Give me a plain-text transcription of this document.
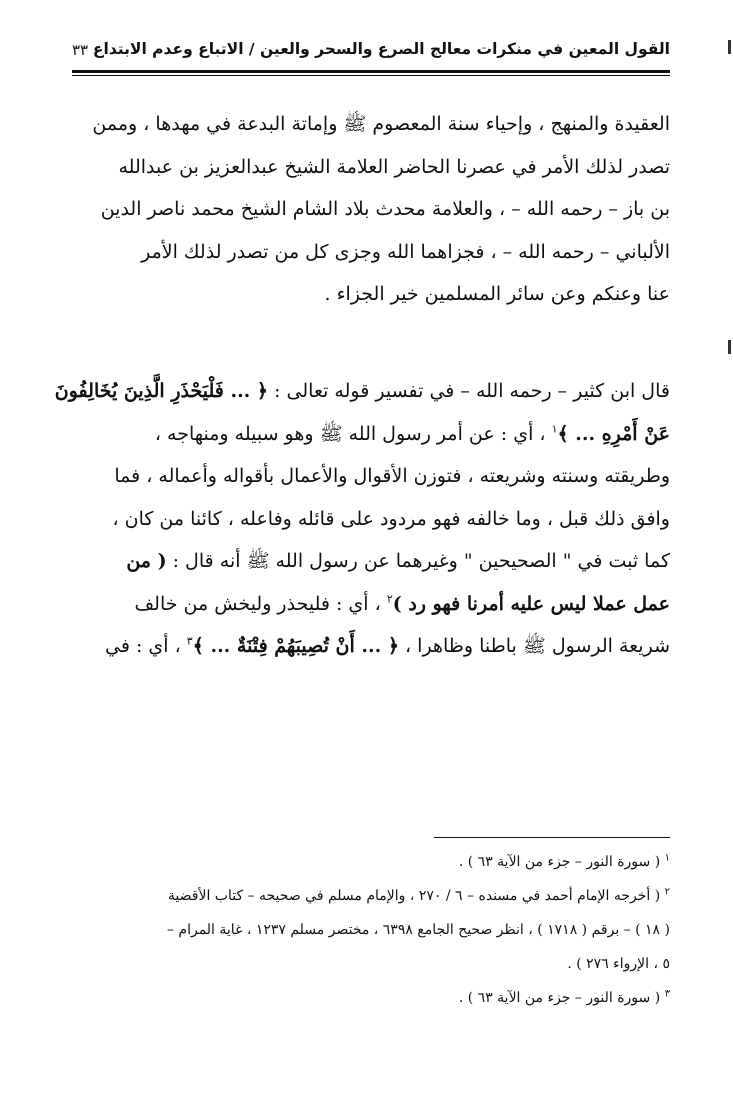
القول المعين في منكرات معالج الصرع والسحر والعين / الاتباع وعدم الابتداع
٣٣
العقيدة والمنهج ، وإحياء سنة المعصوم ﷺ وإماتة البدعة في مهدها ، وممن
تصدر لذلك الأمر في عصرنا الحاضر العلامة الشيخ عبدالعزيز بن عبدالله
بن باز – رحمه الله – ، والعلامة محدث بلاد الشام الشيخ محمد ناصر الدين
الألباني – رحمه الله – ، فجزاهما الله وجزى كل من تصدر لذلك الأمر
عنا وعنكم وعن سائر المسلمين خير الجزاء .
قال ابن كثير – رحمه الله – في تفسير قوله تعالى : ﴿ ... فَلْيَحْذَرِ الَّذِينَ يُخَالِفُونَ
عَنْ أَمْرِهِ ... ﴾$^١$ ، أي : عن أمر رسول الله ﷺ وهو سبيله ومنهاجه ،
وطريقته وسنته وشريعته ، فتوزن الأقوال والأعمال بأقواله وأعماله ، فما
وافق ذلك قبل ، وما خالفه فهو مردود على قائله وفاعله ، كائنا من كان ،
كما ثبت في " الصحيحين " وغيرهما عن رسول الله ﷺ أنه قال : ( من
عمل عملا ليس عليه أمرنا فهو رد )$^٢$ ، أي : فليحذر وليخش من خالف
شريعة الرسول ﷺ باطنا وظاهرا ، ﴿ ... أَنْ تُصِيبَهُمْ فِتْنَةٌ ... ﴾$^٣$ ، أي : في
$^١$ ( سورة النور – جزء من الآية ٦٣ ) .
$^٢$ ( أخرجه الإمام أحمد في مسنده – ٦ / ٢٧٠ ، والإمام مسلم في صحيحه – كتاب الأقضية
( ١٨ ) – برقم ( ١٧١٨ ) ، انظر صحيح الجامع ٦٣٩٨ ، مختصر مسلم ١٢٣٧ ، غاية المرام –
٥ ، الإرواء ٢٧٦ ) .
$^٣$ ( سورة النور – جزء من الآية ٦٣ ) .
